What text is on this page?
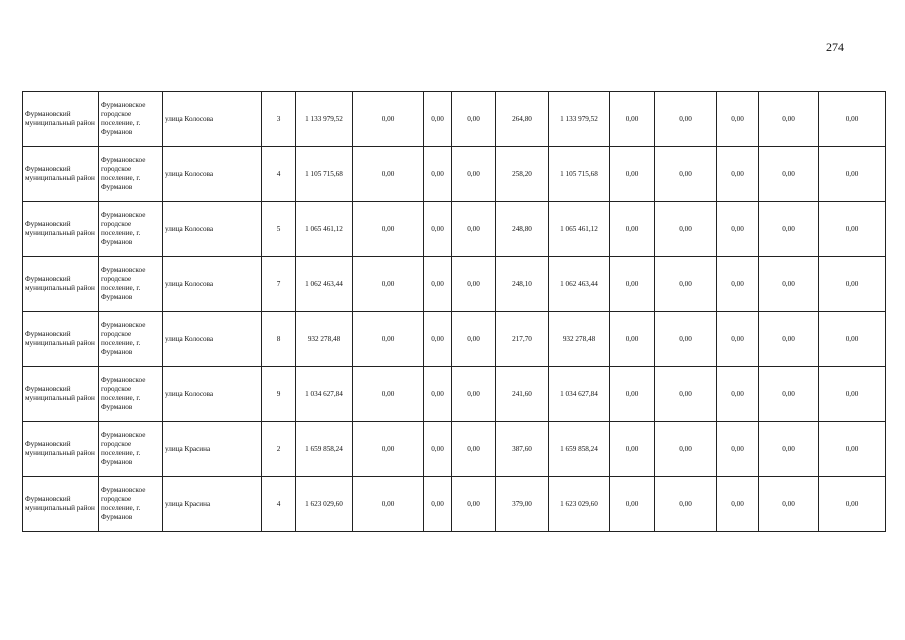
274
Фурмановский муниципальный район	Фурмановское городское поселение, г. Фурманов	улица Колосова	3	1 133 979,52	0,00	0,00	0,00	264,80	1 133 979,52	0,00	0,00	0,00	0,00	0,00
Фурмановский муниципальный район	Фурмановское городское поселение, г. Фурманов	улица Колосова	4	1 105 715,68	0,00	0,00	0,00	258,20	1 105 715,68	0,00	0,00	0,00	0,00	0,00
Фурмановский муниципальный район	Фурмановское городское поселение, г. Фурманов	улица Колосова	5	1 065 461,12	0,00	0,00	0,00	248,80	1 065 461,12	0,00	0,00	0,00	0,00	0,00
Фурмановский муниципальный район	Фурмановское городское поселение, г. Фурманов	улица Колосова	7	1 062 463,44	0,00	0,00	0,00	248,10	1 062 463,44	0,00	0,00	0,00	0,00	0,00
Фурмановский муниципальный район	Фурмановское городское поселение, г. Фурманов	улица Колосова	8	932 278,48	0,00	0,00	0,00	217,70	932 278,48	0,00	0,00	0,00	0,00	0,00
Фурмановский муниципальный район	Фурмановское городское поселение, г. Фурманов	улица Колосова	9	1 034 627,84	0,00	0,00	0,00	241,60	1 034 627,84	0,00	0,00	0,00	0,00	0,00
Фурмановский муниципальный район	Фурмановское городское поселение, г. Фурманов	улица Красина	2	1 659 858,24	0,00	0,00	0,00	387,60	1 659 858,24	0,00	0,00	0,00	0,00	0,00
Фурмановский муниципальный район	Фурмановское городское поселение, г. Фурманов	улица Красина	4	1 623 029,60	0,00	0,00	0,00	379,00	1 623 029,60	0,00	0,00	0,00	0,00	0,00
